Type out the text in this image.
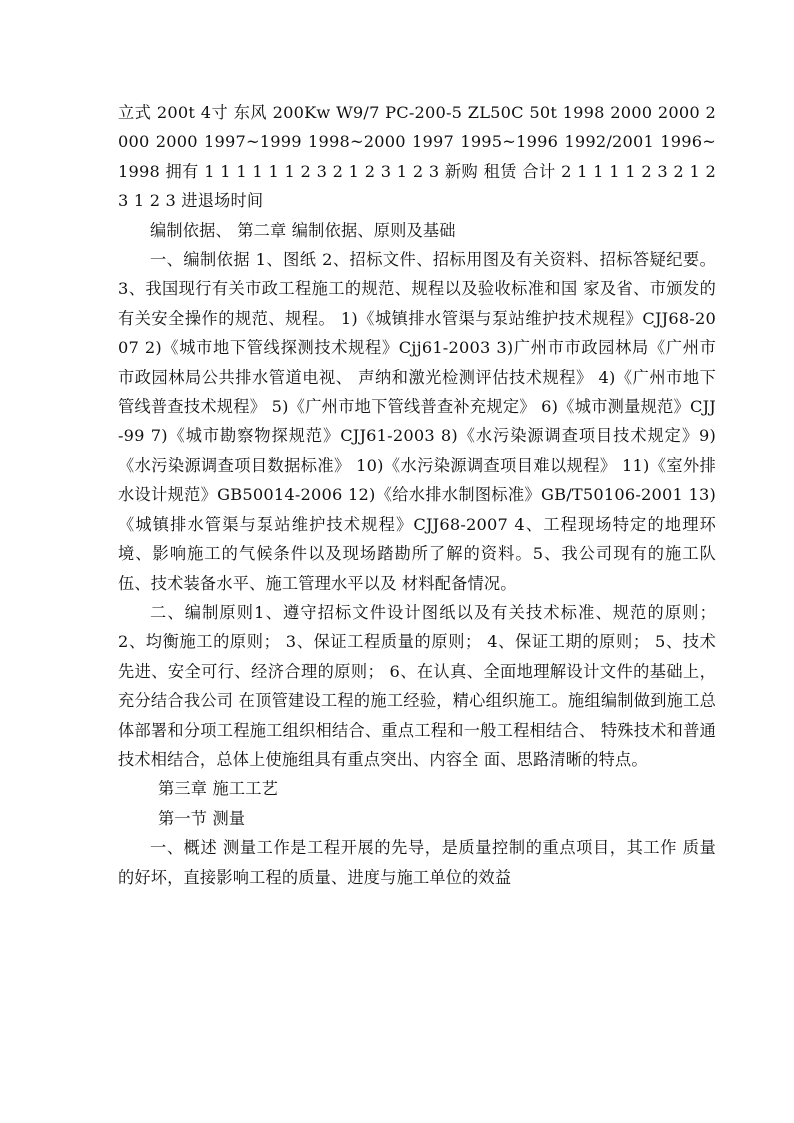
立式 200t 4寸 东风 200Kw W9/7 PC-200-5 ZL50C 50t 1998 2000 2000 2000 2000 1997~1999 1998~2000 1997 1995~1996 1992/2001 1996~1998 拥有 1 1 1 1 1 1 2 3 2 1 2 3 1 2 3 新购 租赁 合计 2 1 1 1 1 2 3 2 1 2 3 1 2 3 进退场时间

编制依据、 第二章 编制依据、原则及基础

一、编制依据 1、图纸 2、招标文件、招标用图及有关资料、招标答疑纪要。 3、我国现行有关市政工程施工的规范、规程以及验收标准和国 家及省、市颁发的有关安全操作的规范、规程。 1)《城镇排水管渠与泵站维护技术规程》CJJ68-2007 2)《城市地下管线探测技术规程》Cjj61-2003 3)广州市市政园林局《广州市市政园林局公共排水管道电视、 声纳和激光检测评估技术规程》 4)《广州市地下管线普查技术规程》 5)《广州市地下管线普查补充规定》 6)《城市测量规范》CJJ-99 7)《城市勘察物探规范》CJJ61-2003 8)《水污染源调查项目技术规定》9)《水污染源调查项目数据标准》 10)《水污染源调查项目难以规程》 11)《室外排水设计规范》GB50014-2006 12)《给水排水制图标准》GB/T50106-2001 13)《城镇排水管渠与泵站维护技术规程》CJJ68-2007 4、工程现场特定的地理环境、影响施工的气候条件以及现场踏勘所了解的资料。5、我公司现有的施工队伍、技术装备水平、施工管理水平以及 材料配备情况。

二、编制原则1、遵守招标文件设计图纸以及有关技术标准、规范的原则； 2、均衡施工的原则； 3、保证工程质量的原则； 4、保证工期的原则； 5、技术先进、安全可行、经济合理的原则； 6、在认真、全面地理解设计文件的基础上，充分结合我公司 在顶管建设工程的施工经验，精心组织施工。施组编制做到施工总 体部署和分项工程施工组织相结合、重点工程和一般工程相结合、 特殊技术和普通技术相结合，总体上使施组具有重点突出、内容全 面、思路清晰的特点。

第三章 施工工艺

第一节 测量

一、概述 测量工作是工程开展的先导，是质量控制的重点项目，其工作 质量的好坏，直接影响工程的质量、进度与施工单位的效益
